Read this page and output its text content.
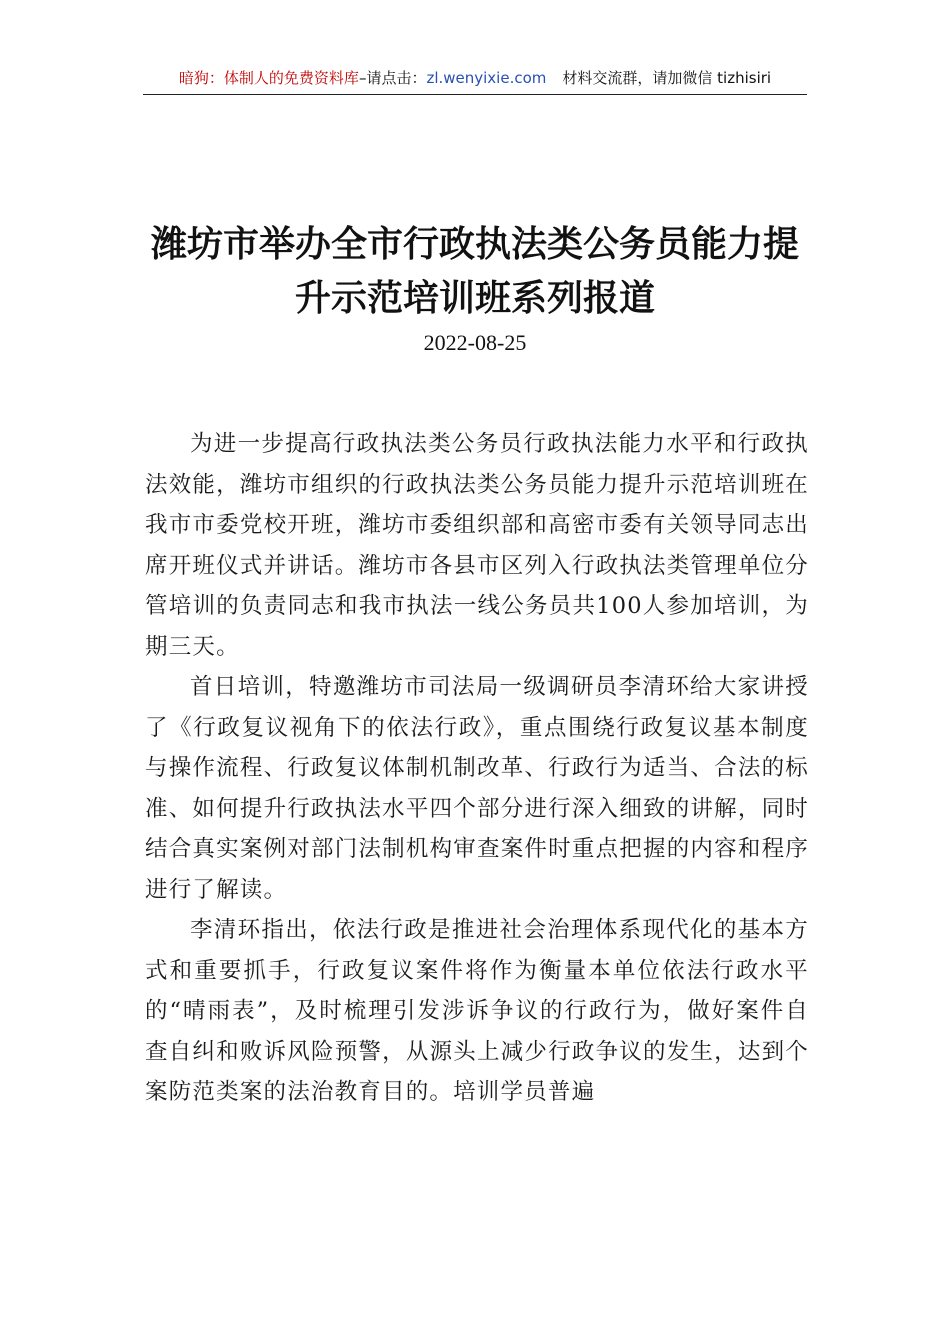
暗狗：体制人的免费资料库 –请点击： zl.wenyixie.com 材料交流群，请加微信 tizhisiri
潍坊市举办全市行政执法类公务员能力提
升示范培训班系列报道
2022-08-25

为进一步提高行政执法类公务员行政执法能力水平和行政执法效能，潍坊市组织的行政执法类公务员能力提升示范培训班在我市市委党校开班，潍坊市委组织部和高密市委有关领导同志出席开班仪式并讲话。潍坊市各县市区列入行政执法类管理单位分管培训的负责同志和我市执法一线公务员共100人参加培训，为期三天。

首日培训，特邀潍坊市司法局一级调研员李清环给大家讲授了《行政复议视角下的依法行政》，重点围绕行政复议基本制度与操作流程、行政复议体制机制改革、行政行为适当、合法的标准、如何提升行政执法水平四个部分进行深入细致的讲解，同时结合真实案例对部门法制机构审查案件时重点把握的内容和程序进行了解读。

李清环指出，依法行政是推进社会治理体系现代化的基本方式和重要抓手，行政复议案件将作为衡量本单位依法行政水平的“晴雨表”，及时梳理引发涉诉争议的行政行为，做好案件自查自纠和败诉风险预警，从源头上减少行政争议的发生，达到个案防范类案的法治教育目的。培训学员普遍
